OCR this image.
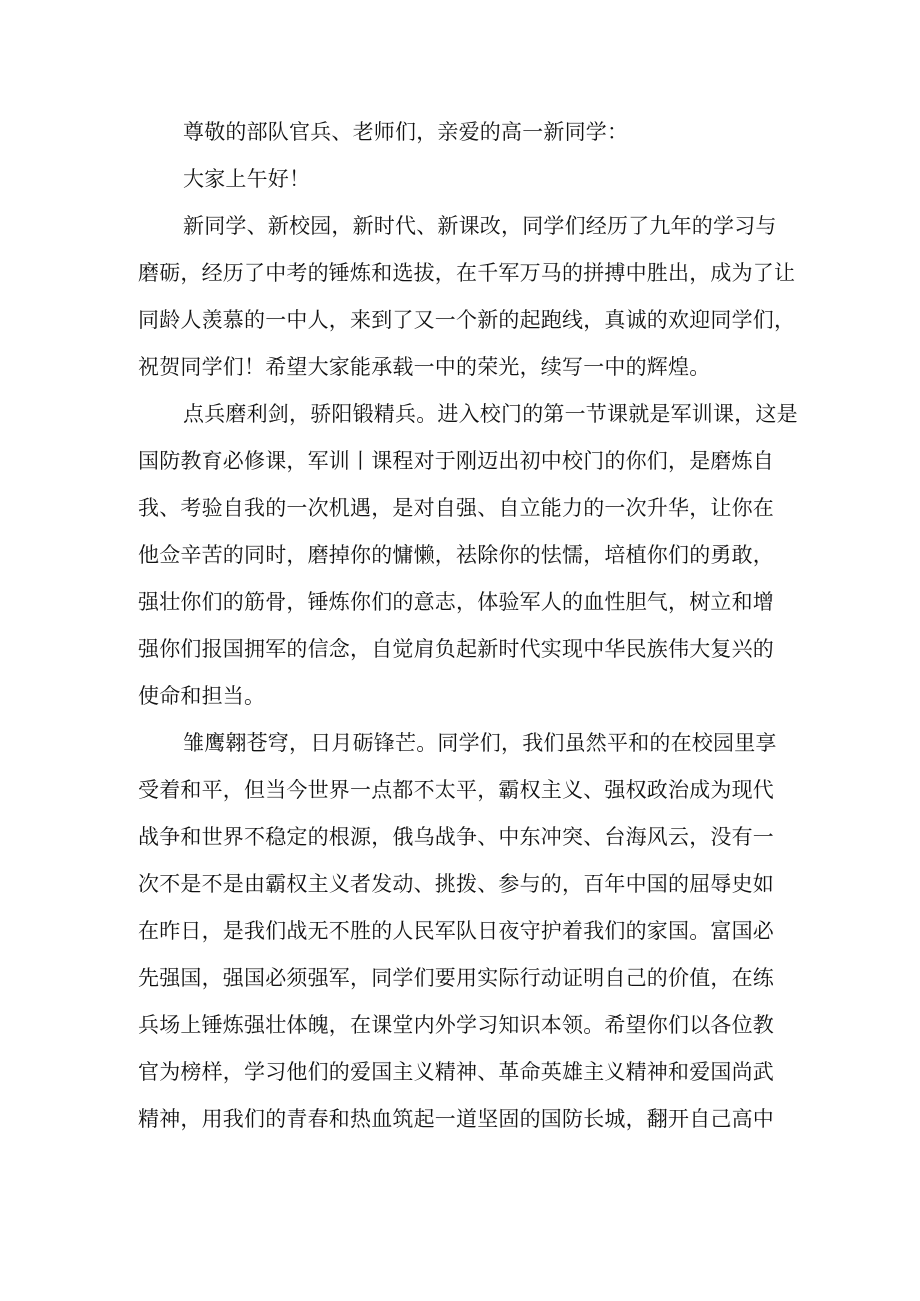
尊敬的部队官兵、老师们，亲爱的高一新同学：
大家上午好！
新同学、新校园，新时代、新课改，同学们经历了九年的学习与
磨砺，经历了中考的锤炼和选拔，在千军万马的拼搏中胜出，成为了让
同龄人羡慕的一中人，来到了又一个新的起跑线，真诚的欢迎同学们，
祝贺同学们！希望大家能承载一中的荣光，续写一中的辉煌。
点兵磨利剑，骄阳锻精兵。进入校门的第一节课就是军训课，这是
国防教育必修课，军训丨课程对于刚迈出初中校门的你们，是磨炼自
我、考验自我的一次机遇，是对自强、自立能力的一次升华，让你在
他佥辛苦的同时，磨掉你的慵懒，祛除你的怯懦，培植你们的勇敢，
强壮你们的筋骨，锤炼你们的意志，体验军人的血性胆气，树立和增
强你们报国拥军的信念，自觉肩负起新时代实现中华民族伟大复兴的
使命和担当。
雏鹰翱苍穹，日月砺锋芒。同学们，我们虽然平和的在校园里享
受着和平，但当今世界一点都不太平，霸权主义、强权政治成为现代
战争和世界不稳定的根源，俄乌战争、中东冲突、台海风云，没有一
次不是不是由霸权主义者发动、挑拨、参与的，百年中国的屈辱史如
在昨日，是我们战无不胜的人民军队日夜守护着我们的家国。富国必
先强国，强国必须强军，同学们要用实际行动证明自己的价值，在练
兵场上锤炼强壮体魄，在课堂内外学习知识本领。希望你们以各位教
官为榜样，学习他们的爱国主义精神、革命英雄主义精神和爱国尚武
精神，用我们的青春和热血筑起一道坚固的国防长城，翻开自己高中
